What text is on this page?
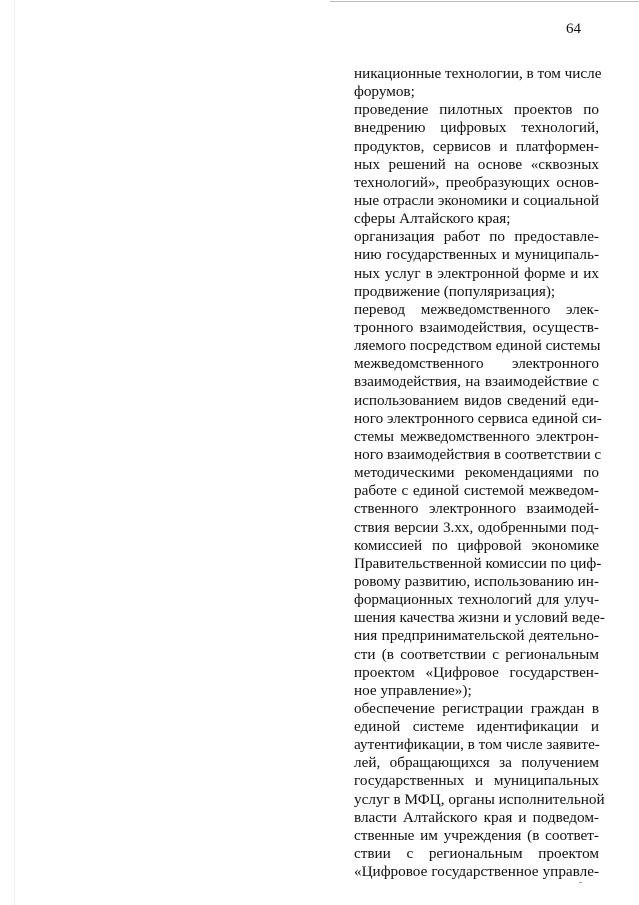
64
никационные технологии, в том числе
форумов;
проведение пилотных проектов по
внедрению цифровых технологий,
продуктов, сервисов и платформен-
ных решений на основе «сквозных
технологий», преобразующих основ-
ные отрасли экономики и социальной
сферы Алтайского края;
организация работ по предоставле-
нию государственных и муниципаль-
ных услуг в электронной форме и их
продвижение (популяризация);
перевод межведомственного элек-
тронного взаимодействия, осуществ-
ляемого посредством единой системы
межведомственного электронного
взаимодействия, на взаимодействие с
использованием видов сведений еди-
ного электронного сервиса единой си-
стемы межведомственного электрон-
ного взаимодействия в соответствии с
методическими рекомендациями по
работе с единой системой межведом-
ственного электронного взаимодей-
ствия версии 3.xx, одобренными под-
комиссией по цифровой экономике
Правительственной комиссии по циф-
ровому развитию, использованию ин-
формационных технологий для улуч-
шения качества жизни и условий веде-
ния предпринимательской деятельно-
сти (в соответствии с региональным
проектом «Цифровое государствен-
ное управление»);
обеспечение регистрации граждан в
единой системе идентификации и
аутентификации, в том числе заявите-
лей, обращающихся за получением
государственных и муниципальных
услуг в МФЦ, органы исполнительной
власти Алтайского края и подведом-
ственные им учреждения (в соответ-
ствии с региональным проектом
«Цифровое государственное управле-
